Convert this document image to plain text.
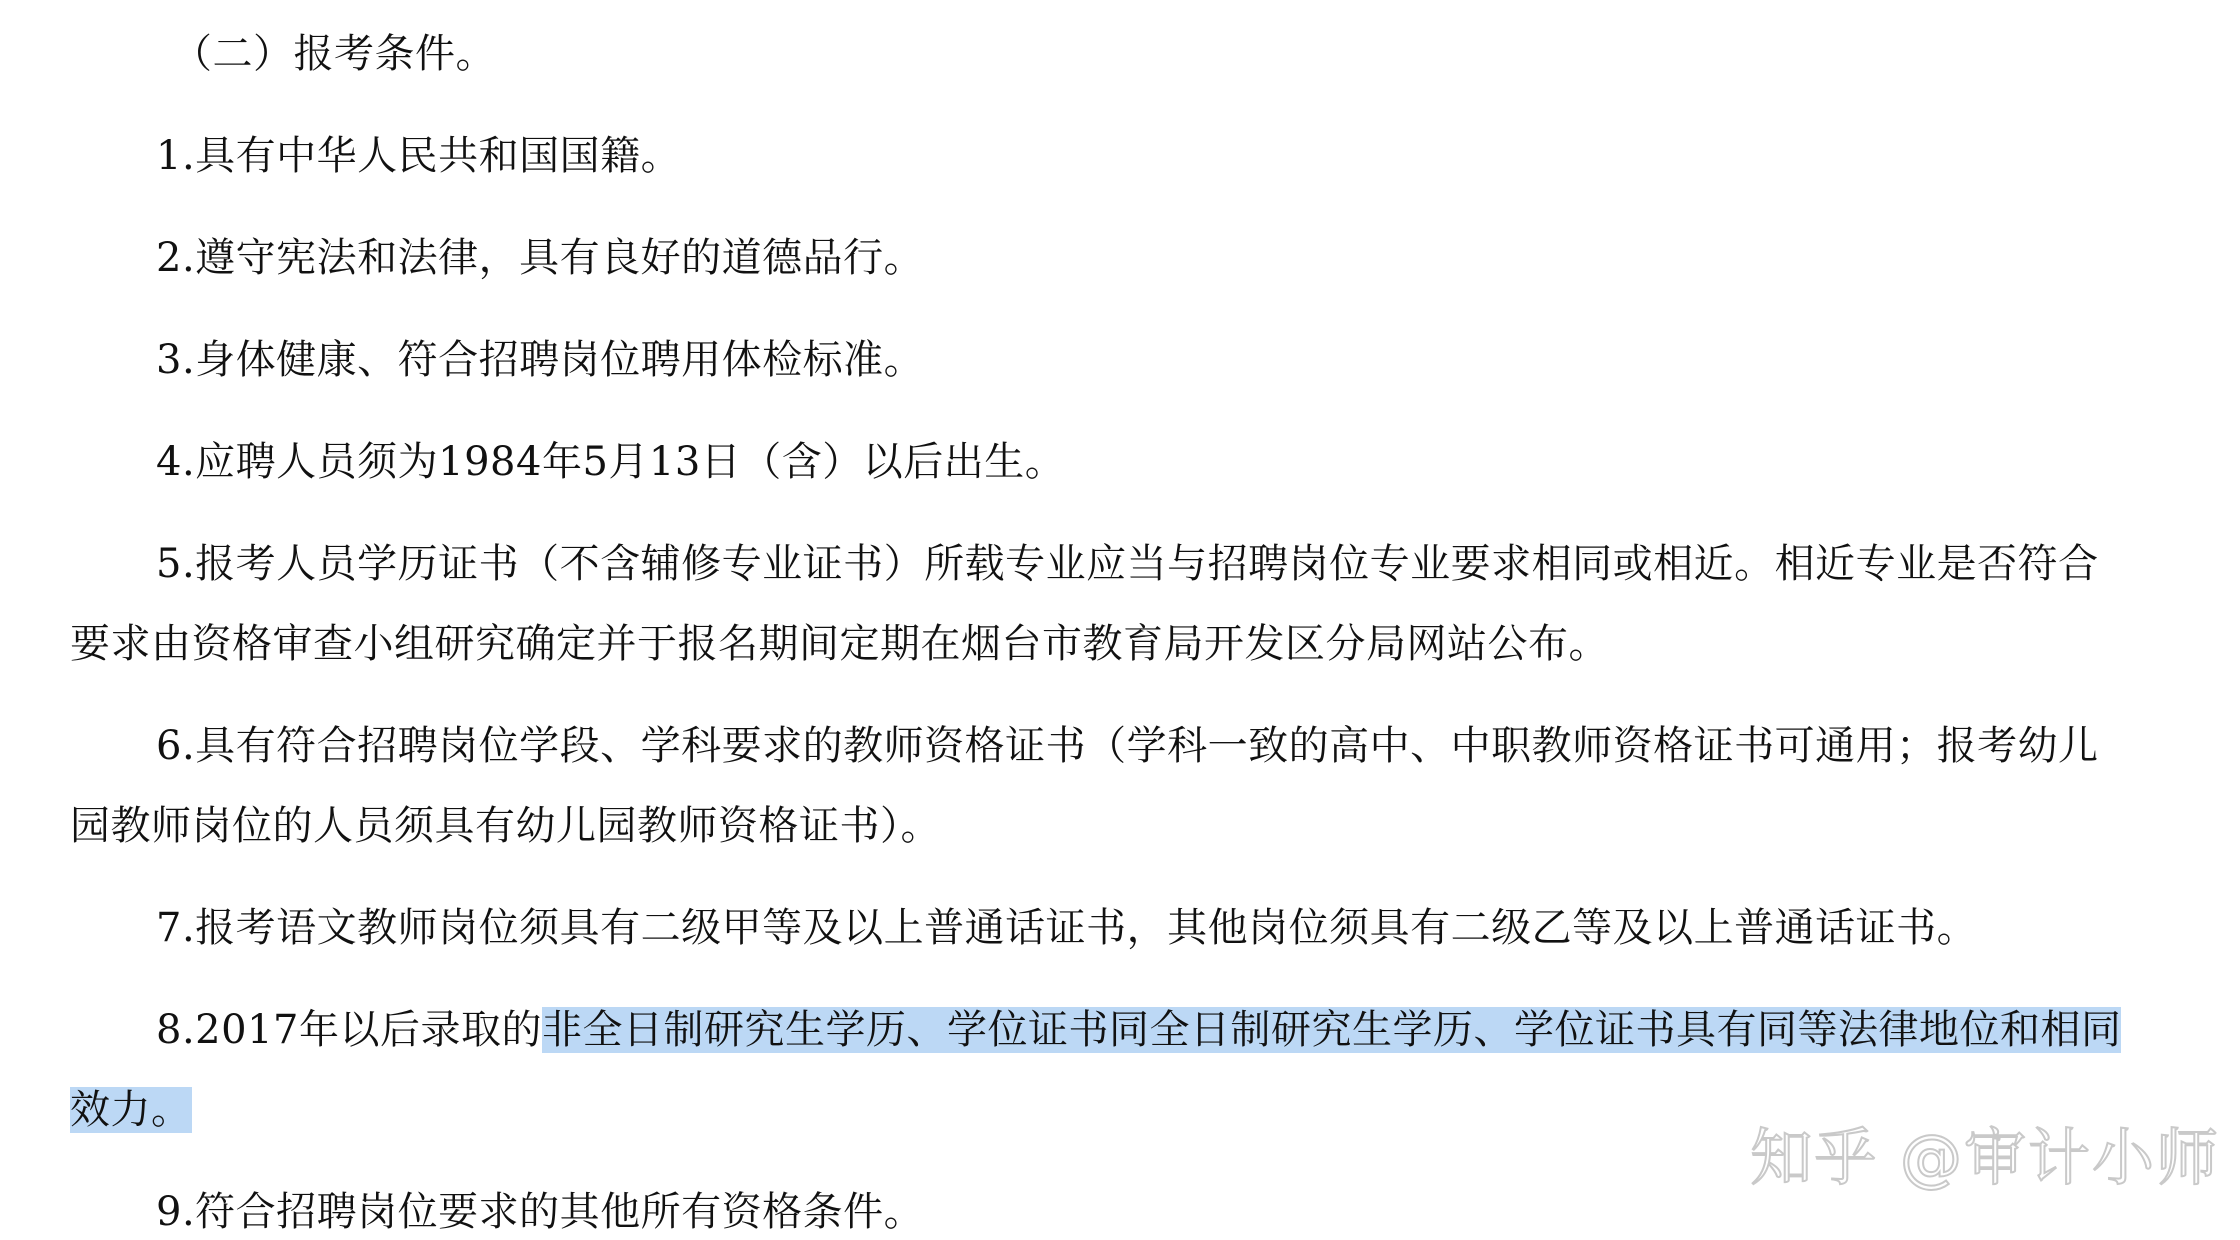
（二）报考条件。
1.具有中华人民共和国国籍。
2.遵守宪法和法律，具有良好的道德品行。
3.身体健康、符合招聘岗位聘用体检标准。
4.应聘人员须为1984年5月13日（含）以后出生。
5.报考人员学历证书（不含辅修专业证书）所载专业应当与招聘岗位专业要求相同或相近。相近专业是否符合
要求由资格审查小组研究确定并于报名期间定期在烟台市教育局开发区分局网站公布。
6.具有符合招聘岗位学段、学科要求的教师资格证书（学科一致的高中、中职教师资格证书可通用；报考幼儿
园教师岗位的人员须具有幼儿园教师资格证书）。
7.报考语文教师岗位须具有二级甲等及以上普通话证书，其他岗位须具有二级乙等及以上普通话证书。
8.2017年以后录取的非全日制研究生学历、学位证书同全日制研究生学历、学位证书具有同等法律地位和相同
效力。
9.符合招聘岗位要求的其他所有资格条件。
知乎 @审计小师
